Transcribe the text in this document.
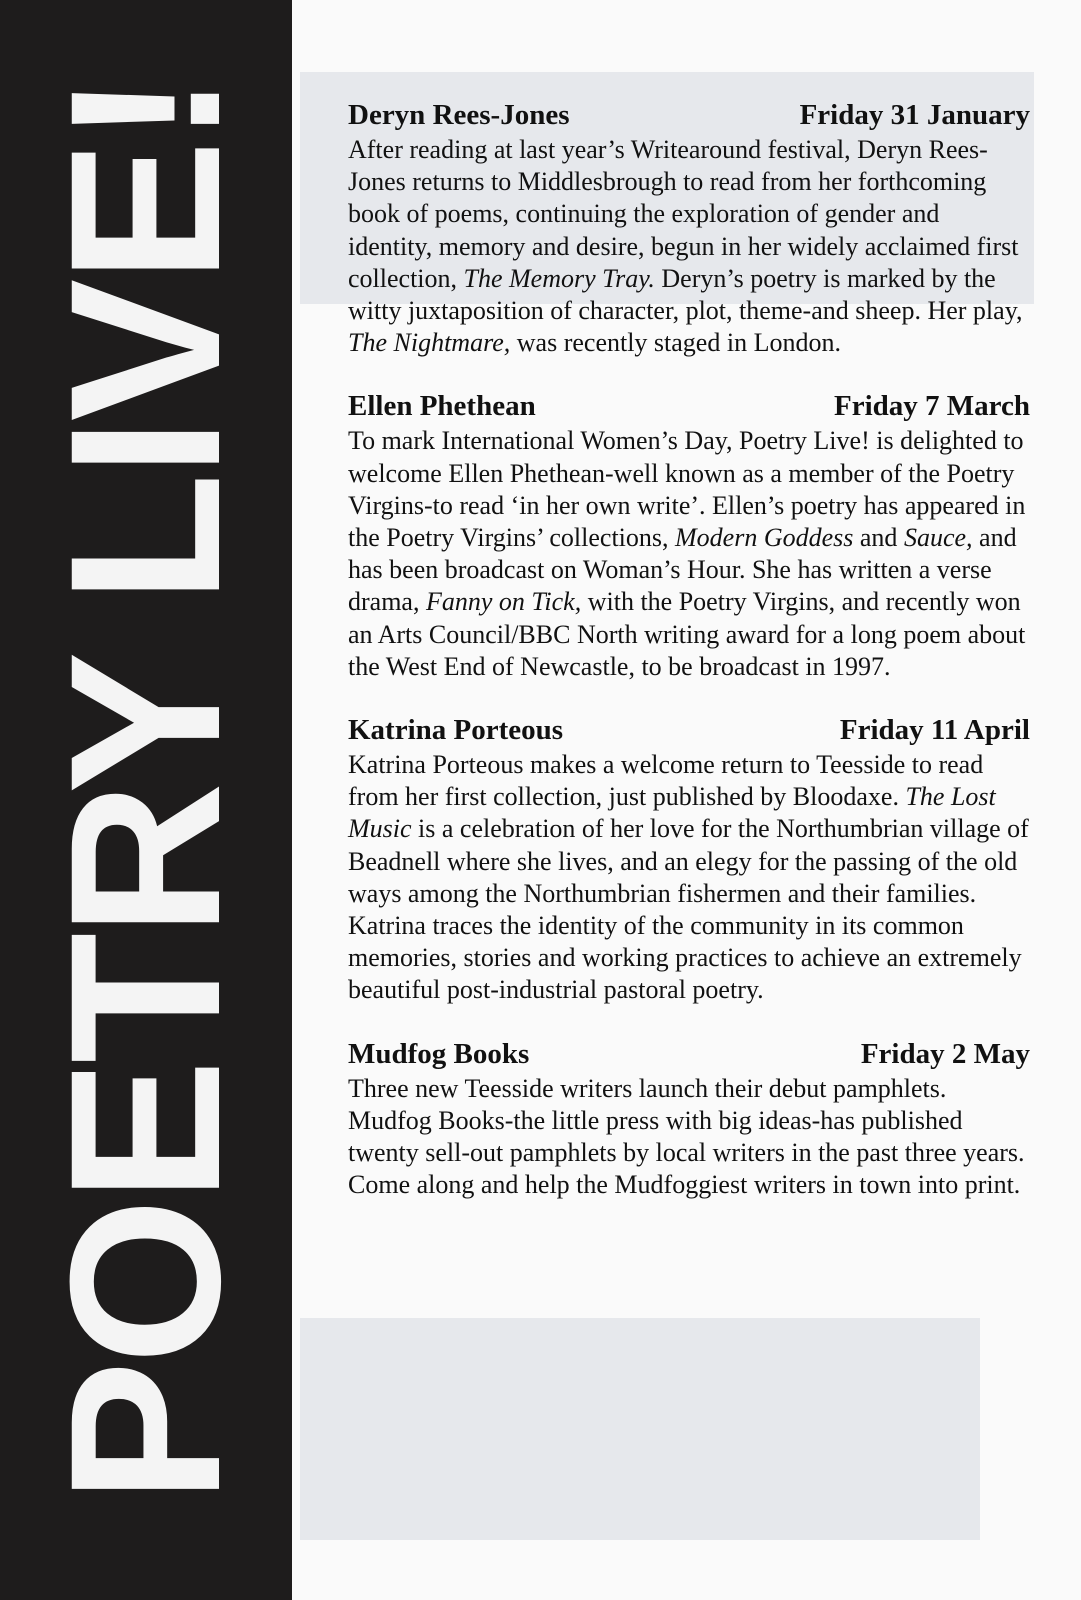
POETRY LIVE!	Deryn Rees-Jones	Friday 31 January

After reading at last year’s Writearound festival, Deryn Rees-Jones returns to Middlesbrough to read from her forthcoming book of poems, continuing the exploration of gender and identity, memory and desire, begun in her widely acclaimed first collection, The Memory Tray. Deryn’s poetry is marked by the witty juxtaposition of character, plot, theme-and sheep. Her play, The Nightmare, was recently staged in London.

Ellen Phethean	Friday 7 March

To mark International Women’s Day, Poetry Live! is delighted to welcome Ellen Phethean-well known as a member of the Poetry Virgins-to read ‘in her own write’. Ellen’s poetry has appeared in the Poetry Virgins’ collections, Modern Goddess and Sauce, and has been broadcast on Woman’s Hour. She has written a verse drama, Fanny on Tick, with the Poetry Virgins, and recently won an Arts Council/BBC North writing award for a long poem about the West End of Newcastle, to be broadcast in 1997.

Katrina Porteous	Friday 11 April

Katrina Porteous makes a welcome return to Teesside to read from her first collection, just published by Bloodaxe. The Lost Music is a celebration of her love for the Northumbrian village of Beadnell where she lives, and an elegy for the passing of the old ways among the Northumbrian fishermen and their families. Katrina traces the identity of the community in its common memories, stories and working practices to achieve an extremely beautiful post-industrial pastoral poetry.

Mudfog Books	Friday 2 May

Three new Teesside writers launch their debut pamphlets. Mudfog Books-the little press with big ideas-has published twenty sell-out pamphlets by local writers in the past three years. Come along and help the Mudfoggiest writers in town into print.
